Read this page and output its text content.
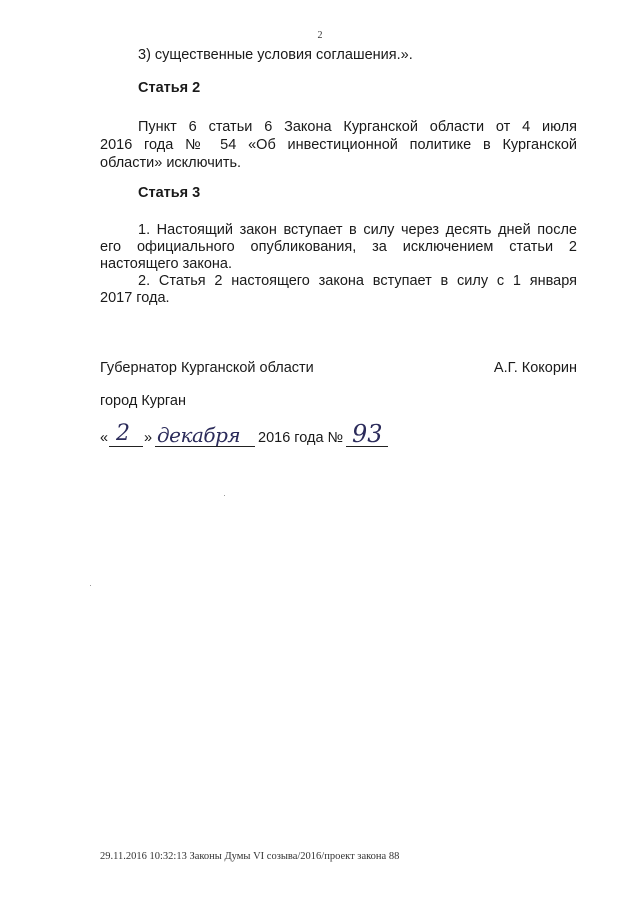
2
3) существенные условия соглашения.».
Статья 2
Пункт 6 статьи 6 Закона Курганской области от 4 июля
2016 года № 54 «Об инвестиционной политике в Курганской
области» исключить.
Статья 3
1. Настоящий закон вступает в силу через десять дней после
его официального опубликования, за исключением статьи 2
настоящего закона.
2. Статья 2 настоящего закона вступает в силу с 1 января
2017 года.
Губернатор Курганской области	А.Г. Кокорин
город Курган
« 2 » декабря 2016 года № 93
29.11.2016 10:32:13 Законы Думы VI созыва/2016/проект закона 88
